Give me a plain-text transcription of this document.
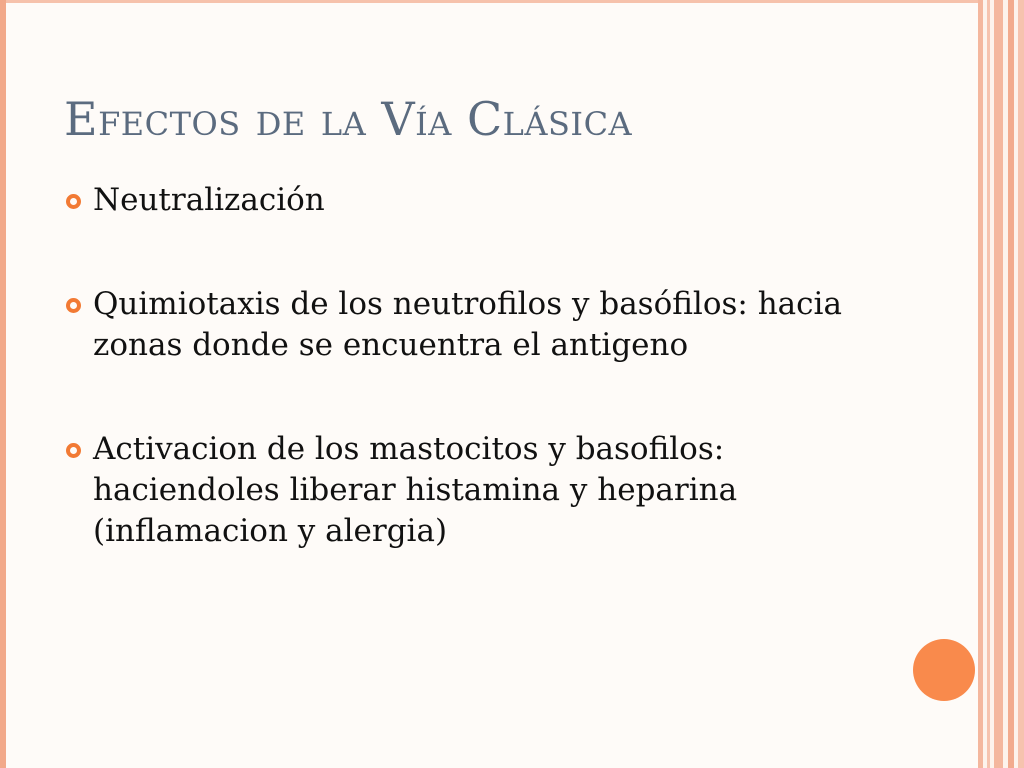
Efectos de la Vía Clásica
Neutralización
Quimiotaxis de los neutrofilos y basófilos: hacia zonas donde se encuentra el antigeno
Activacion de los mastocitos y basofilos: haciendoles liberar histamina y heparina (inflamacion y alergia)
